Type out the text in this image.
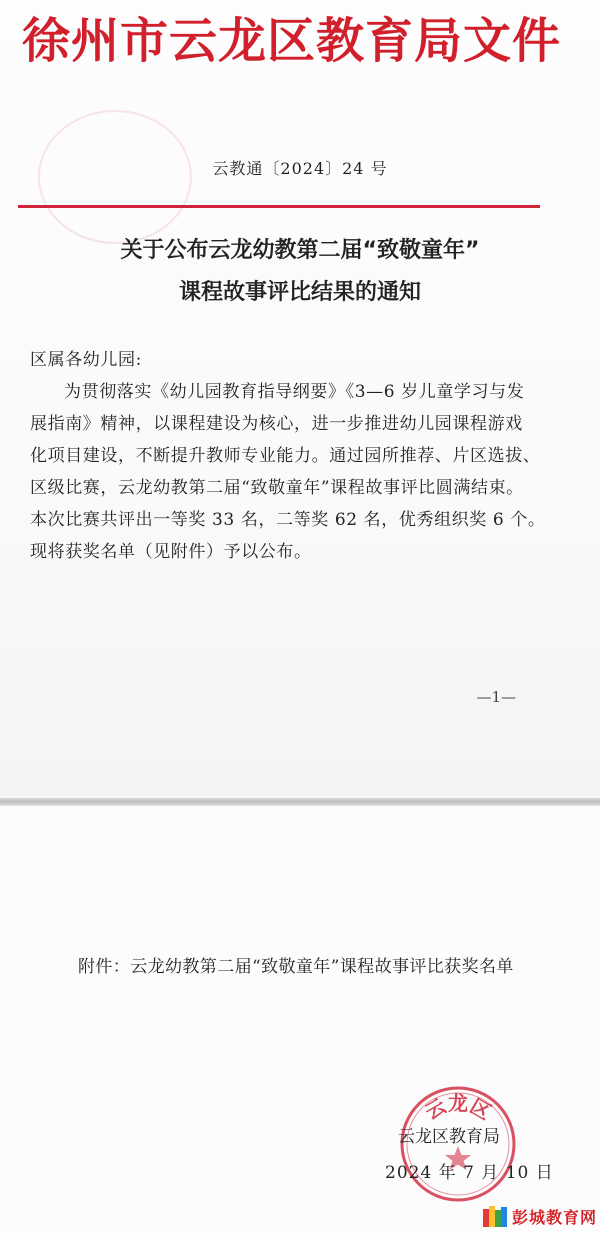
徐州市云龙区教育局文件
云教通〔2024〕24 号
关于公布云龙幼教第二届“致敬童年”
课程故事评比结果的通知
区属各幼儿园:
为贯彻落实《幼儿园教育指导纲要》《3—6 岁儿童学习与发
展指南》精神，以课程建设为核心，进一步推进幼儿园课程游戏
化项目建设，不断提升教师专业能力。通过园所推荐、片区选拔、
区级比赛，云龙幼教第二届“致敬童年”课程故事评比圆满结束。
本次比赛共评出一等奖 33 名，二等奖 62 名，优秀组织奖 6 个。
现将获奖名单（见附件）予以公布。
—1—
附件：云龙幼教第二届“致敬童年”课程故事评比获奖名单
云龙区
云龙区教育局
2024 年 7 月 10 日
彭城教育网
